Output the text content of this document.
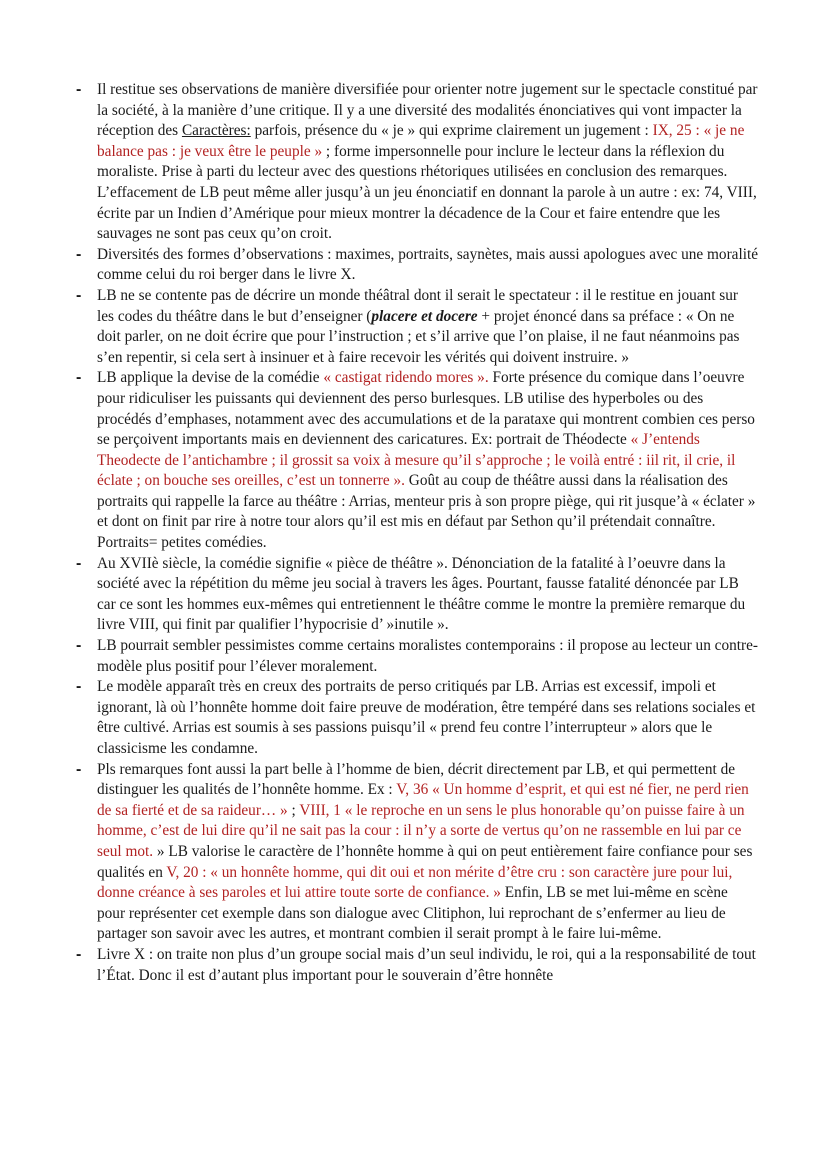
- Il restitue ses observations de manière diversifiée pour orienter notre jugement sur le spectacle constitué par la société, à la manière d’une critique. Il y a une diversité des modalités énonciatives qui vont impacter la réception des Caractères: parfois, présence du « je » qui exprime clairement un jugement : IX, 25 : « je ne balance pas : je veux être le peuple » ; forme impersonnelle pour inclure le lecteur dans la réflexion du moraliste. Prise à parti du lecteur avec des questions rhétoriques utilisées en conclusion des remarques. L’effacement de LB peut même aller jusqu’à un jeu énonciatif en donnant la parole à un autre : ex: 74, VIII, écrite par un Indien d’Amérique pour mieux montrer la décadence de la Cour et faire entendre que les sauvages ne sont pas ceux qu’on croit.
- Diversités des formes d’observations : maximes, portraits, saynètes, mais aussi apologues avec une moralité comme celui du roi berger dans le livre X.
- LB ne se contente pas de décrire un monde théâtral dont il serait le spectateur : il le restitue en jouant sur les codes du théâtre dans le but d’enseigner (placere et docere + projet énoncé dans sa préface : « On ne doit parler, on ne doit écrire que pour l’instruction ; et s’il arrive que l’on plaise, il ne faut néanmoins pas s’en repentir, si cela sert à insinuer et à faire recevoir les vérités qui doivent instruire. »
- LB applique la devise de la comédie « castigat ridendo mores ». Forte présence du comique dans l’oeuvre pour ridiculiser les puissants qui deviennent des perso burlesques. LB utilise des hyperboles ou des procédés d’emphases, notamment avec des accumulations et de la parataxe qui montrent combien ces perso se perçoivent importants mais en deviennent des caricatures. Ex: portrait de Théodecte « J’entends Theodecte de l’antichambre ; il grossit sa voix à mesure qu’il s’approche ; le voilà entré : iil rit, il crie, il éclate ; on bouche ses oreilles, c’est un tonnerre ». Goût au coup de théâtre aussi dans la réalisation des portraits qui rappelle la farce au théâtre : Arrias, menteur pris à son propre piège, qui rit jusque’à « éclater » et dont on finit par rire à notre tour alors qu’il est mis en défaut par Sethon qu’il prétendait connaître. Portraits= petites comédies.
- Au XVIIè siècle, la comédie signifie « pièce de théâtre ». Dénonciation de la fatalité à l’oeuvre dans la société avec la répétition du même jeu social à travers les âges. Pourtant, fausse fatalité dénoncée par LB car ce sont les hommes eux-mêmes qui entretiennent le théâtre comme le montre la première remarque du livre VIII, qui finit par qualifier l’hypocrisie d’ »inutile ».
- LB pourrait sembler pessimistes comme certains moralistes contemporains : il propose au lecteur un contre-modèle plus positif pour l’élever moralement.
- Le modèle apparaît très en creux des portraits de perso critiqués par LB. Arrias est excessif, impoli et ignorant, là où l’honnête homme doit faire preuve de modération, être tempéré dans ses relations sociales et être cultivé. Arrias est soumis à ses passions puisqu’il « prend feu contre l’interrupteur » alors que le classicisme les condamne.
- Pls remarques font aussi la part belle à l’homme de bien, décrit directement par LB, et qui permettent de distinguer les qualités de l’honnête homme. Ex : V, 36 « Un homme d’esprit, et qui est né fier, ne perd rien de sa fierté et de sa raideur… » ; VIII, 1 « le reproche en un sens le plus honorable qu’on puisse faire à un homme, c’est de lui dire qu’il ne sait pas la cour : il n’y a sorte de vertus qu’on ne rassemble en lui par ce seul mot. » LB valorise le caractère de l’honnête homme à qui on peut entièrement faire confiance pour ses qualités en V, 20 : « un honnête homme, qui dit oui et non mérite d’être cru : son caractère jure pour lui, donne créance à ses paroles et lui attire toute sorte de confiance. » Enfin, LB se met lui-même en scène pour représenter cet exemple dans son dialogue avec Clitiphon, lui reprochant de s’enfermer au lieu de partager son savoir avec les autres, et montrant combien il serait prompt à le faire lui-même.
- Livre X : on traite non plus d’un groupe social mais d’un seul individu, le roi, qui a la responsabilité de tout l’État. Donc il est d’autant plus important pour le souverain d’être honnête
